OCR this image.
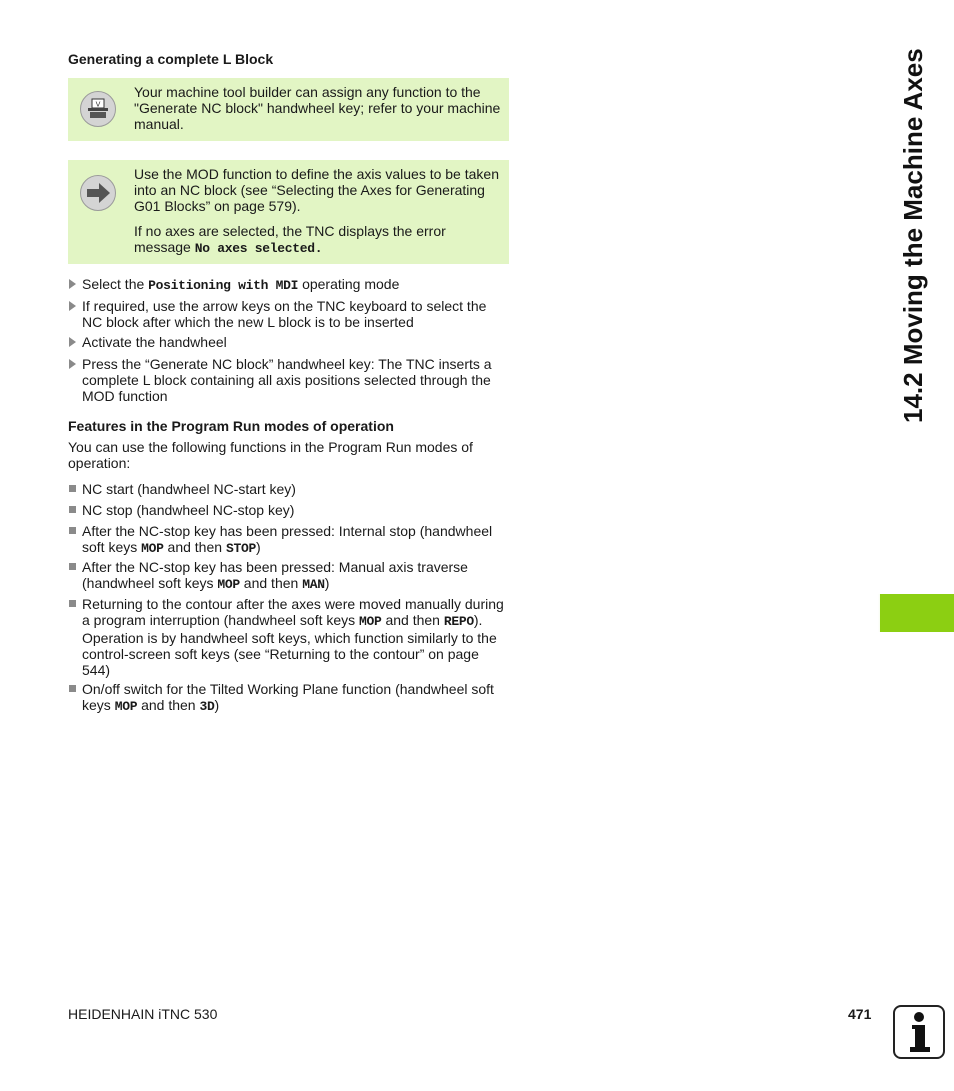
Generating a complete L Block
V
Your machine tool builder can assign any function to the "Generate NC block" handwheel key; refer to your machine manual.
Use the MOD function to define the axis values to be taken into an NC block (see “Selecting the Axes for Generating G01 Blocks” on page 579).
If no axes are selected, the TNC displays the error message No axes selected.
Select the Positioning with MDI operating mode
If required, use the arrow keys on the TNC keyboard to select the NC block after which the new L block is to be inserted
Activate the handwheel
Press the “Generate NC block” handwheel key: The TNC inserts a complete L block containing all axis positions selected through the MOD function
Features in the Program Run modes of operation
You can use the following functions in the Program Run modes of operation:
NC start (handwheel NC-start key)
NC stop (handwheel NC-stop key)
After the NC-stop key has been pressed: Internal stop (handwheel soft keys MOP and then STOP)
After the NC-stop key has been pressed: Manual axis traverse (handwheel soft keys MOP and then MAN)
Returning to the contour after the axes were moved manually during a program interruption (handwheel soft keys MOP and then REPO). Operation is by handwheel soft keys, which function similarly to the control-screen soft keys (see “Returning to the contour” on page 544)
On/off switch for the Tilted Working Plane function (handwheel soft keys MOP and then 3D)
14.2 Moving the Machine Axes
HEIDENHAIN iTNC 530	471
